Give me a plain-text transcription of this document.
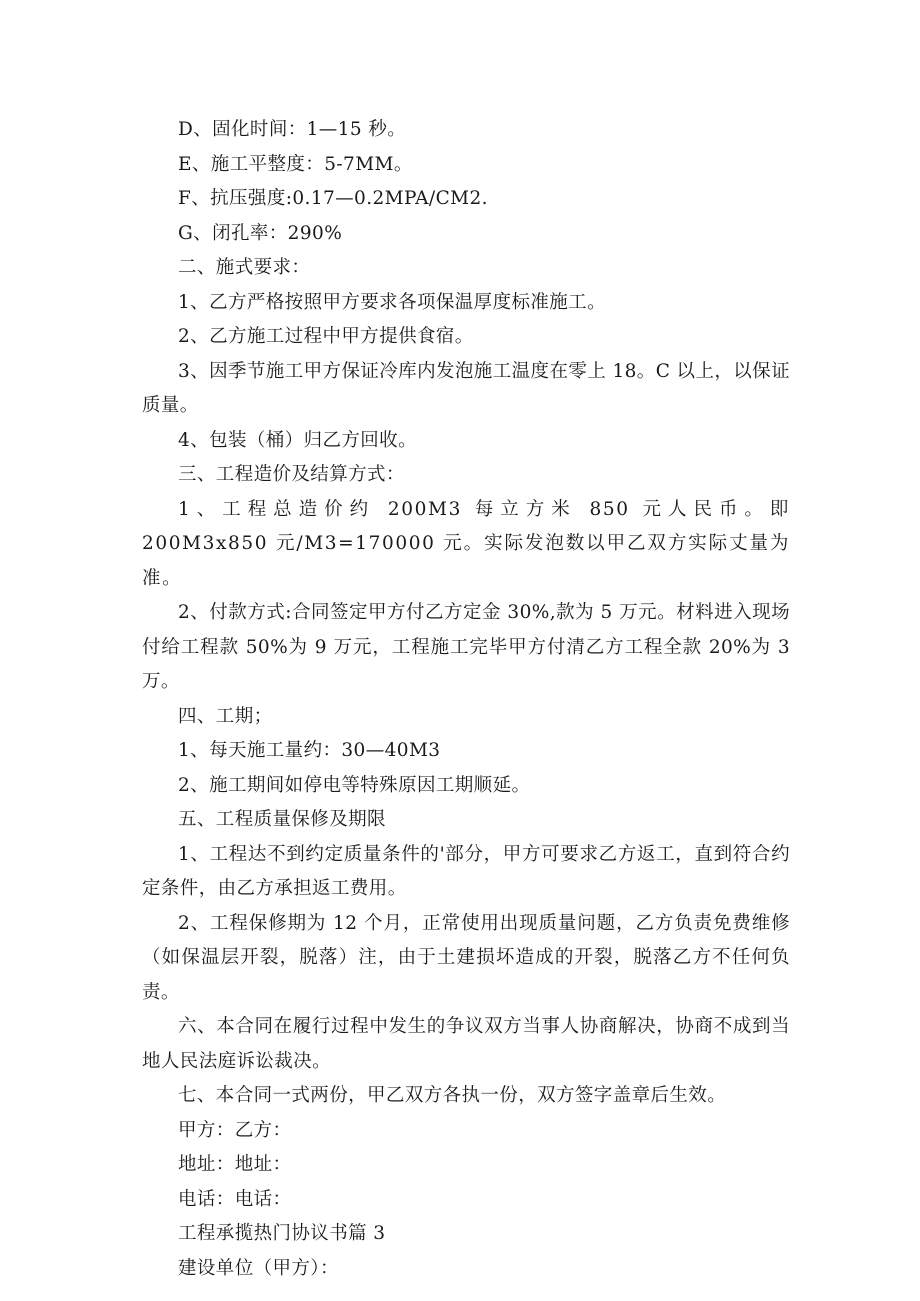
D、固化时间：1—15 秒。
E、施工平整度：5-7MM。
F、抗压强度:0.17—0.2MPA/CM2.
G、闭孔率：290%
二、施式要求：
1、乙方严格按照甲方要求各项保温厚度标准施工。
2、乙方施工过程中甲方提供食宿。

3、因季节施工甲方保证冷库内发泡施工温度在零上 18。C 以上，以保证质量。

4、包装（桶）归乙方回收。
三、工程造价及结算方式：

1、工程总造价约 200M3 每立方米 850 元人民币。即 200M3x850 元/M3=170000 元。实际发泡数以甲乙双方实际丈量为准。

2、付款方式:合同签定甲方付乙方定金 30%,款为 5 万元。材料进入现场付给工程款 50%为 9 万元，工程施工完毕甲方付清乙方工程全款 20%为 3 万。

四、工期；
1、每天施工量约：30—40M3
2、施工期间如停电等特殊原因工期顺延。
五、工程质量保修及期限

1、工程达不到约定质量条件的'部分，甲方可要求乙方返工，直到符合约定条件，由乙方承担返工费用。

2、工程保修期为 12 个月，正常使用出现质量问题，乙方负责免费维修（如保温层开裂，脱落）注，由于土建损坏造成的开裂，脱落乙方不任何负责。

六、本合同在履行过程中发生的争议双方当事人协商解决，协商不成到当地人民法庭诉讼裁决。

七、本合同一式两份，甲乙双方各执一份，双方签字盖章后生效。
甲方：乙方：
地址：地址：
电话：电话：
工程承揽热门协议书篇 3
建设单位（甲方）：
